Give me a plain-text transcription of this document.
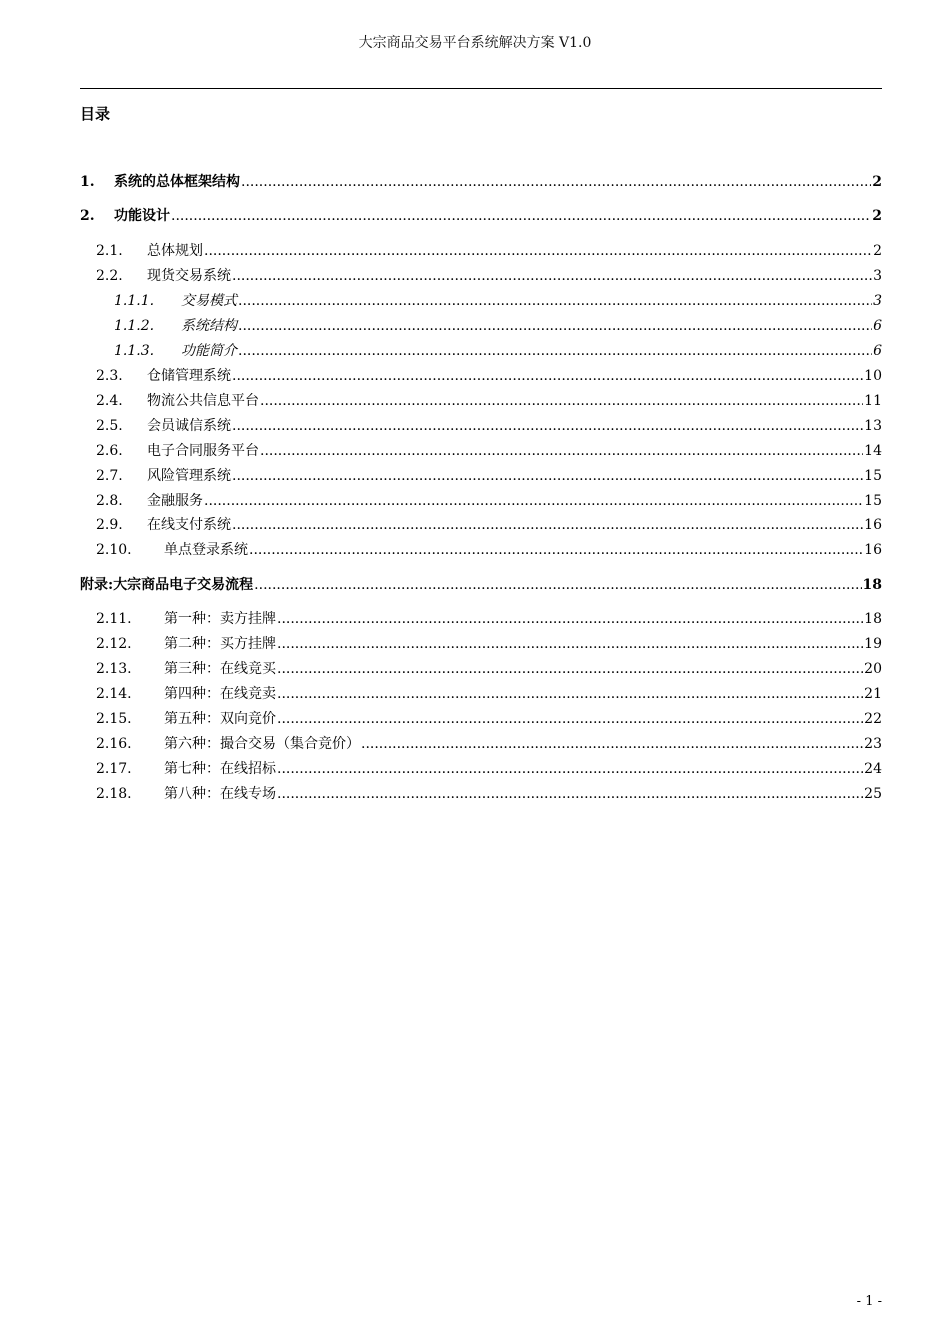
大宗商品交易平台系统解决方案 V1.0
目录
1.	系统的总体框架结构 .....	2
2.	功能设计 .....	2
2.1.	总体规划 .....	2
2.2.	现货交易系统 .....	3
1.1.1.	交易模式 .....	3
1.1.2.	系统结构 .....	6
1.1.3.	功能简介 .....	6
2.3.	仓储管理系统 .....	10
2.4.	物流公共信息平台 .....	11
2.5.	会员诚信系统 .....	13
2.6.	电子合同服务平台 .....	14
2.7.	风险管理系统 .....	15
2.8.	金融服务 .....	15
2.9.	在线支付系统 .....	16
2.10.	单点登录系统 .....	16
附录:大宗商品电子交易流程 .....	18
2.11.	第一种：卖方挂牌 .....	18
2.12.	第二种：买方挂牌 .....	19
2.13.	第三种：在线竞买 .....	20
2.14.	第四种：在线竞卖 .....	21
2.15.	第五种：双向竞价 .....	22
2.16.	第六种：撮合交易（集合竞价） .....	23
2.17.	第七种：在线招标 .....	24
2.18.	第八种：在线专场 .....	25
- 1 -
